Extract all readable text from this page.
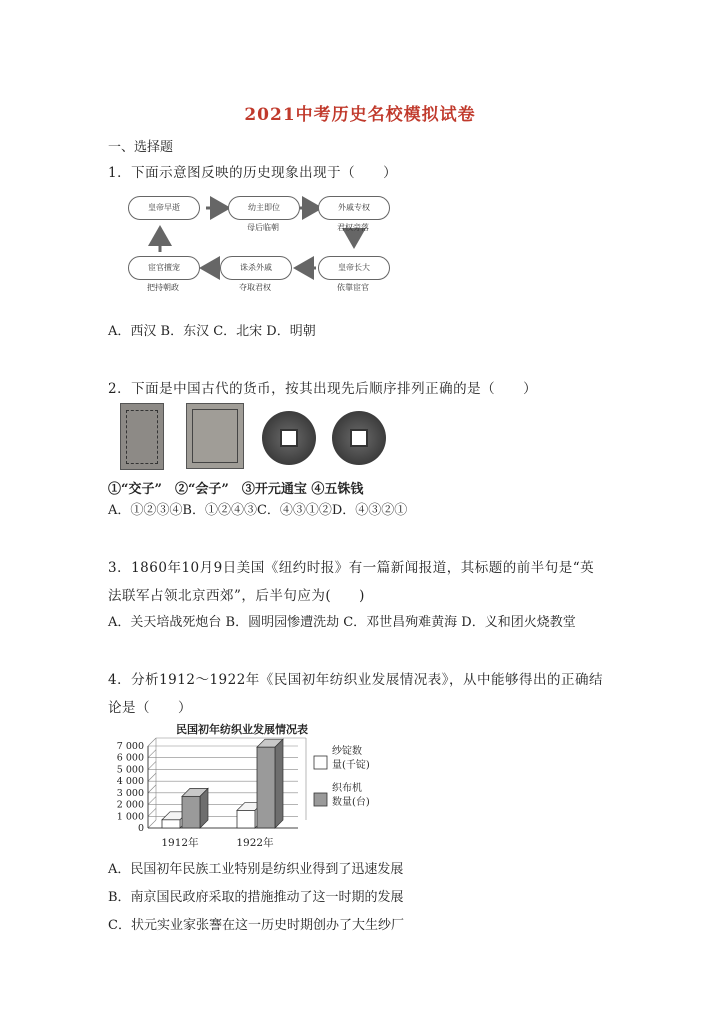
2021中考历史名校模拟试卷
一、选择题
1．下面示意图反映的历史现象出现于（　　）
皇帝早逝	幼主即位
母后临朝
外戚专权
君权旁落
皇帝长大
依靠宦官
诛杀外戚
夺取君权
宦官擅宠
把持朝政
A．西汉 B．东汉 C．北宋 D．明朝
2．下面是中国古代的货币，按其出现先后顺序排列正确的是（　　）
①“交子”　②“会子”　③开元通宝 ④五铢钱
A．①②③④B．①②④③C．④③①②D．④③②①
3．1860年10月9日美国《纽约时报》有一篇新闻报道，其标题的前半句是“英
法联军占领北京西郊”，后半句应为(　　)
A．关天培战死炮台 B．圆明园惨遭洗劫 C．邓世昌殉难黄海 D．义和团火烧教堂
4．分析1912～1922年《民国初年纺织业发展情况表》，从中能够得出的正确结
论是（　　）
民国初年纺织业发展情况表
7 000
6 000
5 000
4 000
3 000
2 000
1 000
0
1912年	1922年
纱锭数
量(千锭)
织布机
数量(台)
A．民国初年民族工业特别是纺织业得到了迅速发展
B．南京国民政府采取的措施推动了这一时期的发展
C．状元实业家张謇在这一历史时期创办了大生纱厂
